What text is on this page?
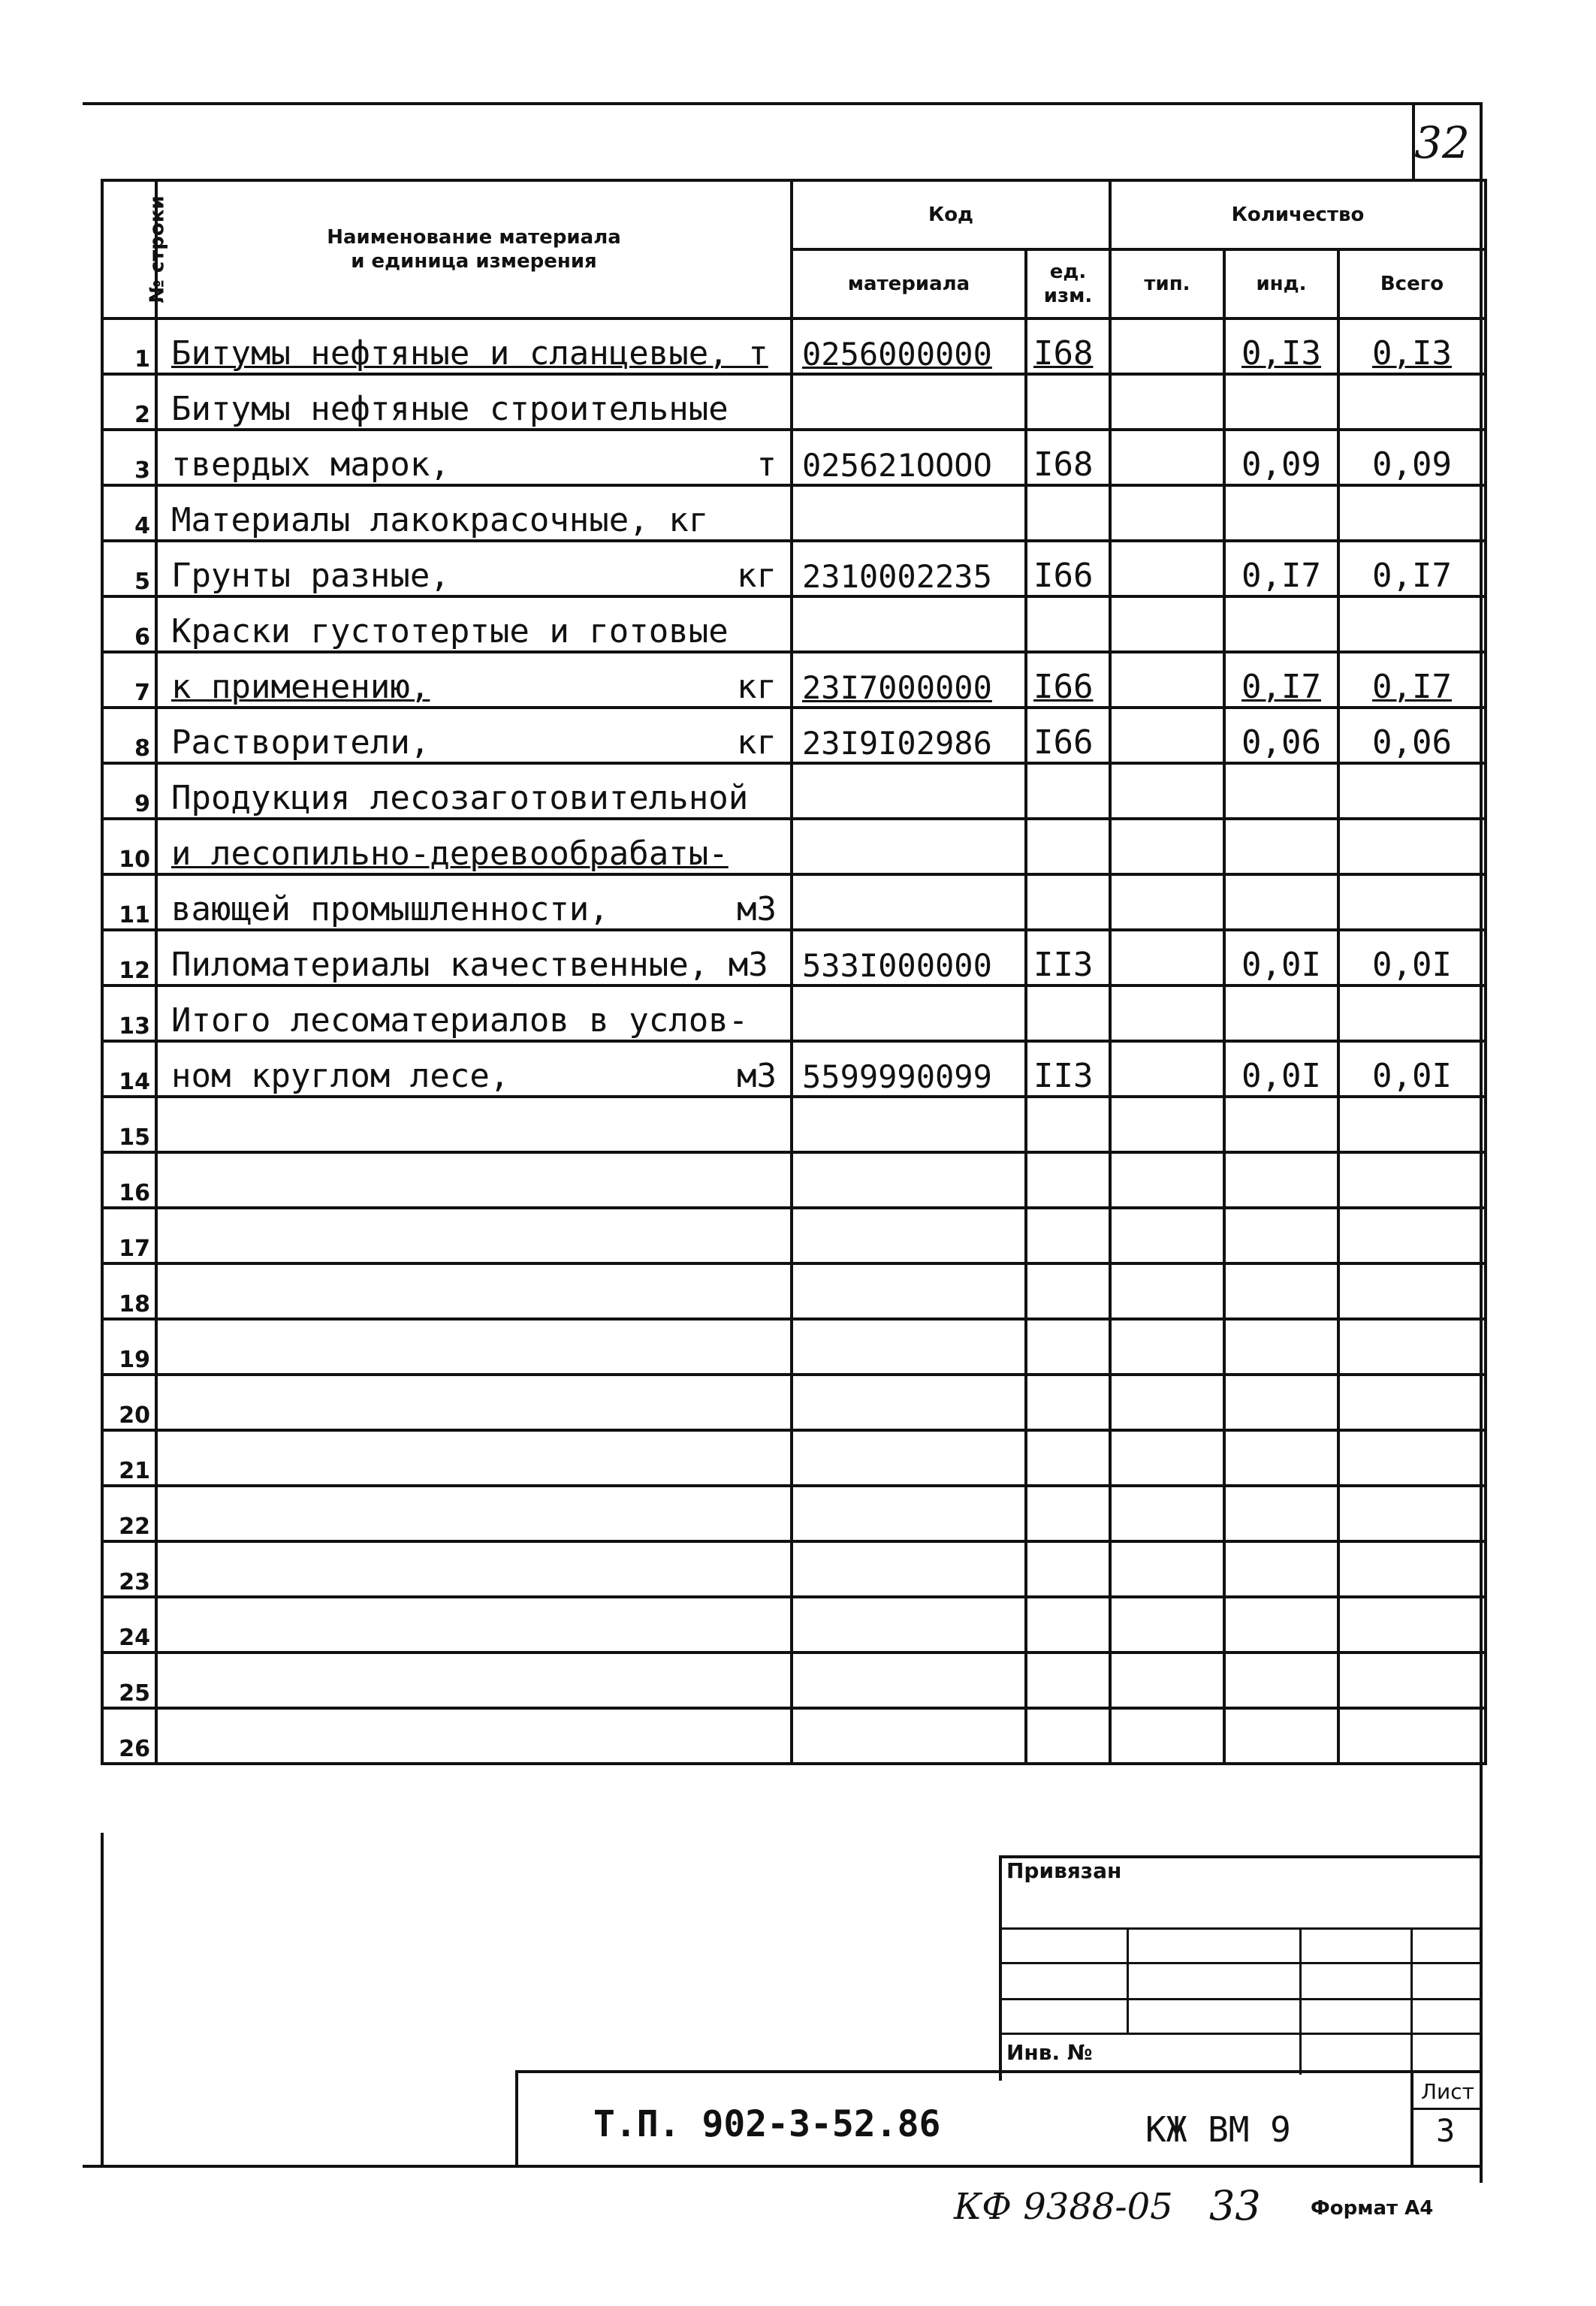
32
№ строки	Наименование материала
и единица измерения	Код		Количество		
		материала	ед. изм.	тип.	инд.	Всего
1	Битумы нефтяные и сланцевые, т	0256000000	I68		0,I3	0,I3
2	Битумы нефтяные строительные					

3	твердых марок, т	025621OOOO	I68		0,09	0,09
4	Материалы лакокрасочные, кг					

5	Грунты разные, кг	2310002235	I66		0,I7	0,I7
6	Краски густотертые и готовые					

7	к применению, кг	23I7000000	I66		0,I7	0,I7
8	Растворители, кг	23I9I02986	I66		0,06	0,06
9	Продукция лесозаготовительной					

10	и лесопильно-деревообрабаты-					

11	вающей промышленности, м3					

12	Пиломатериалы качественные, м3	533I000000	II3		0,0I	0,0I
13	Итого лесоматериалов в услов-					

14	ном круглом лесе, м3	5599990099	II3		0,0I	0,0I
15	

16	

17	

18	

19	

20	

21	

22	

23	

24	

25	

26	

Привязан
Инв. №
Т.П. 902-3-52.86	КЖ ВМ 9
Лист
3
КФ 9388-05 33	Формат А4
